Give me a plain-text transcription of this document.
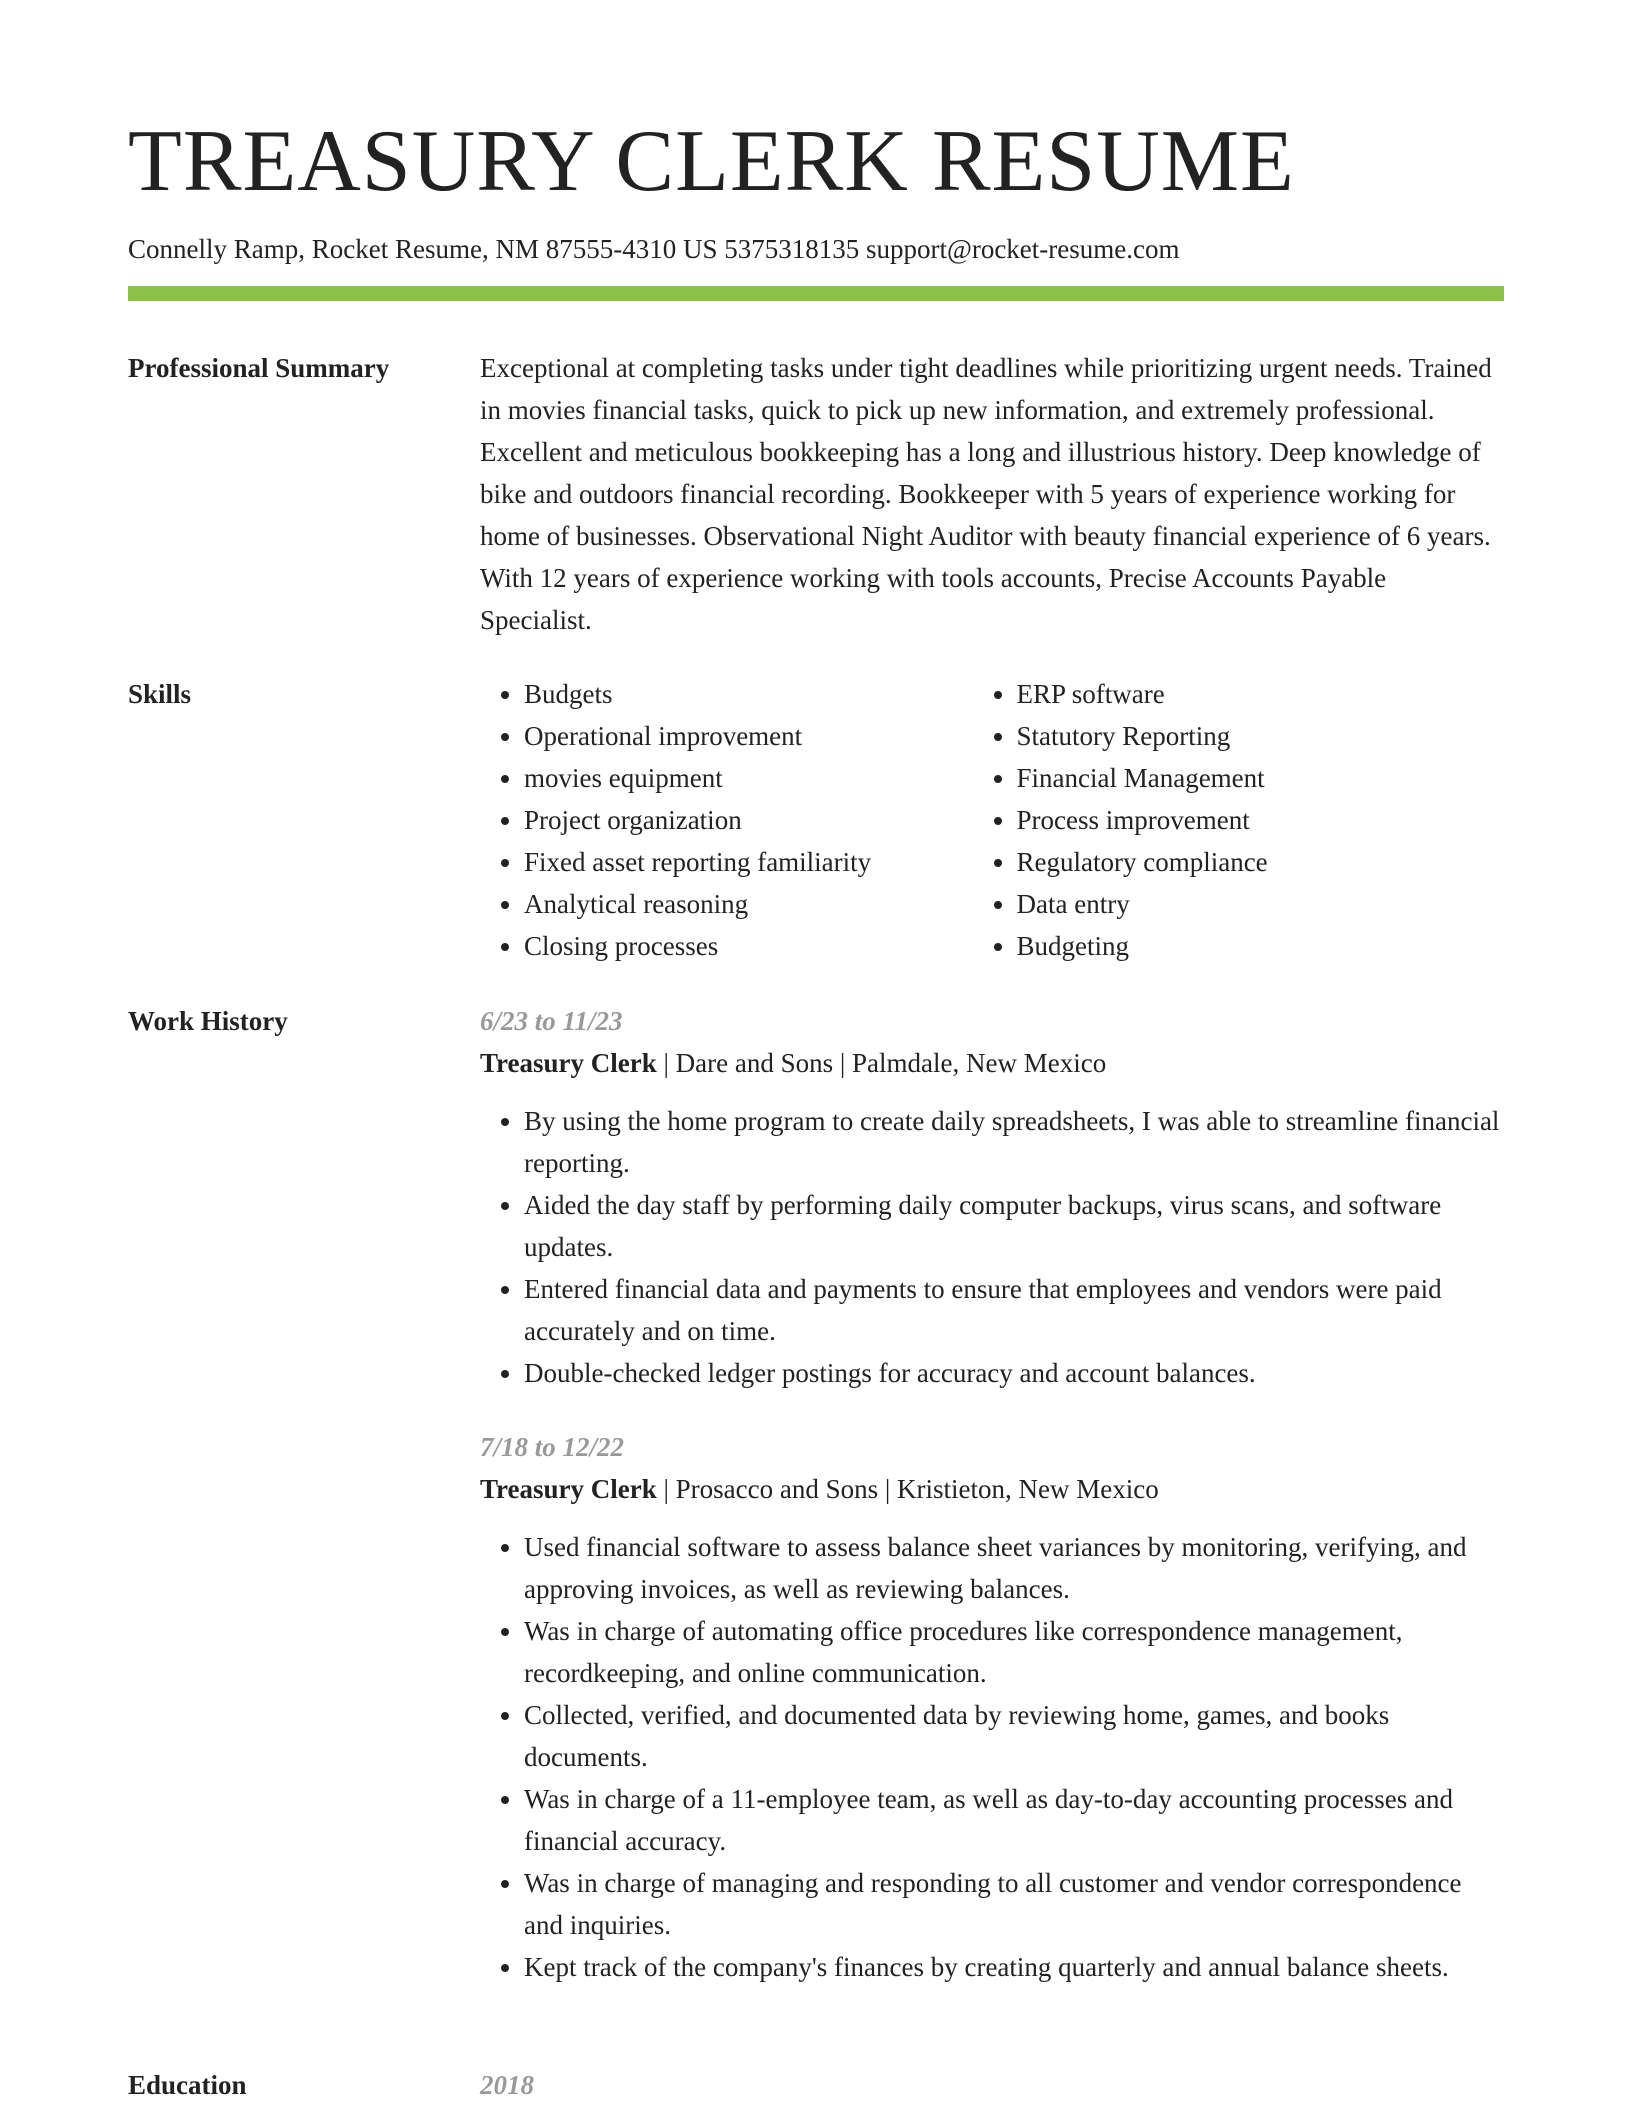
TREASURY CLERK RESUME
Connelly Ramp, Rocket Resume, NM 87555-4310 US 5375318135 support@rocket-resume.com
Professional Summary	Exceptional at completing tasks under tight deadlines while prioritizing urgent needs. Trained in movies financial tasks, quick to pick up new information, and extremely professional. Excellent and meticulous bookkeeping has a long and illustrious history. Deep knowledge of bike and outdoors financial recording. Bookkeeper with 5 years of experience working for home of businesses. Observational Night Auditor with beauty financial experience of 6 years. With 12 years of experience working with tools accounts, Precise Accounts Payable Specialist.

Skills
•	Budgets
• Operational improvement
• movies equipment
• Project organization
• Fixed asset reporting familiarity
• Analytical reasoning
• Closing processes
• ERP software
• Statutory Reporting
• Financial Management
• Process improvement
• Regulatory compliance
• Data entry
• Budgeting
Work History	6/23 to 11/23
Treasury Clerk | Dare and Sons | Palmdale, New Mexico
• By using the home program to create daily spreadsheets, I was able to streamline financial reporting.
• Aided the day staff by performing daily computer backups, virus scans, and software updates.
• Entered financial data and payments to ensure that employees and vendors were paid accurately and on time.
• Double-checked ledger postings for accuracy and account balances.
7/18 to 12/22
Treasury Clerk | Prosacco and Sons | Kristieton, New Mexico
• Used financial software to assess balance sheet variances by monitoring, verifying, and approving invoices, as well as reviewing balances.
• Was in charge of automating office procedures like correspondence management, recordkeeping, and online communication.
• Collected, verified, and documented data by reviewing home, games, and books documents.
• Was in charge of a 11-employee team, as well as day-to-day accounting processes and financial accuracy.
• Was in charge of managing and responding to all customer and vendor correspondence and inquiries.
• Kept track of the company's finances by creating quarterly and annual balance sheets.
Education	2018
